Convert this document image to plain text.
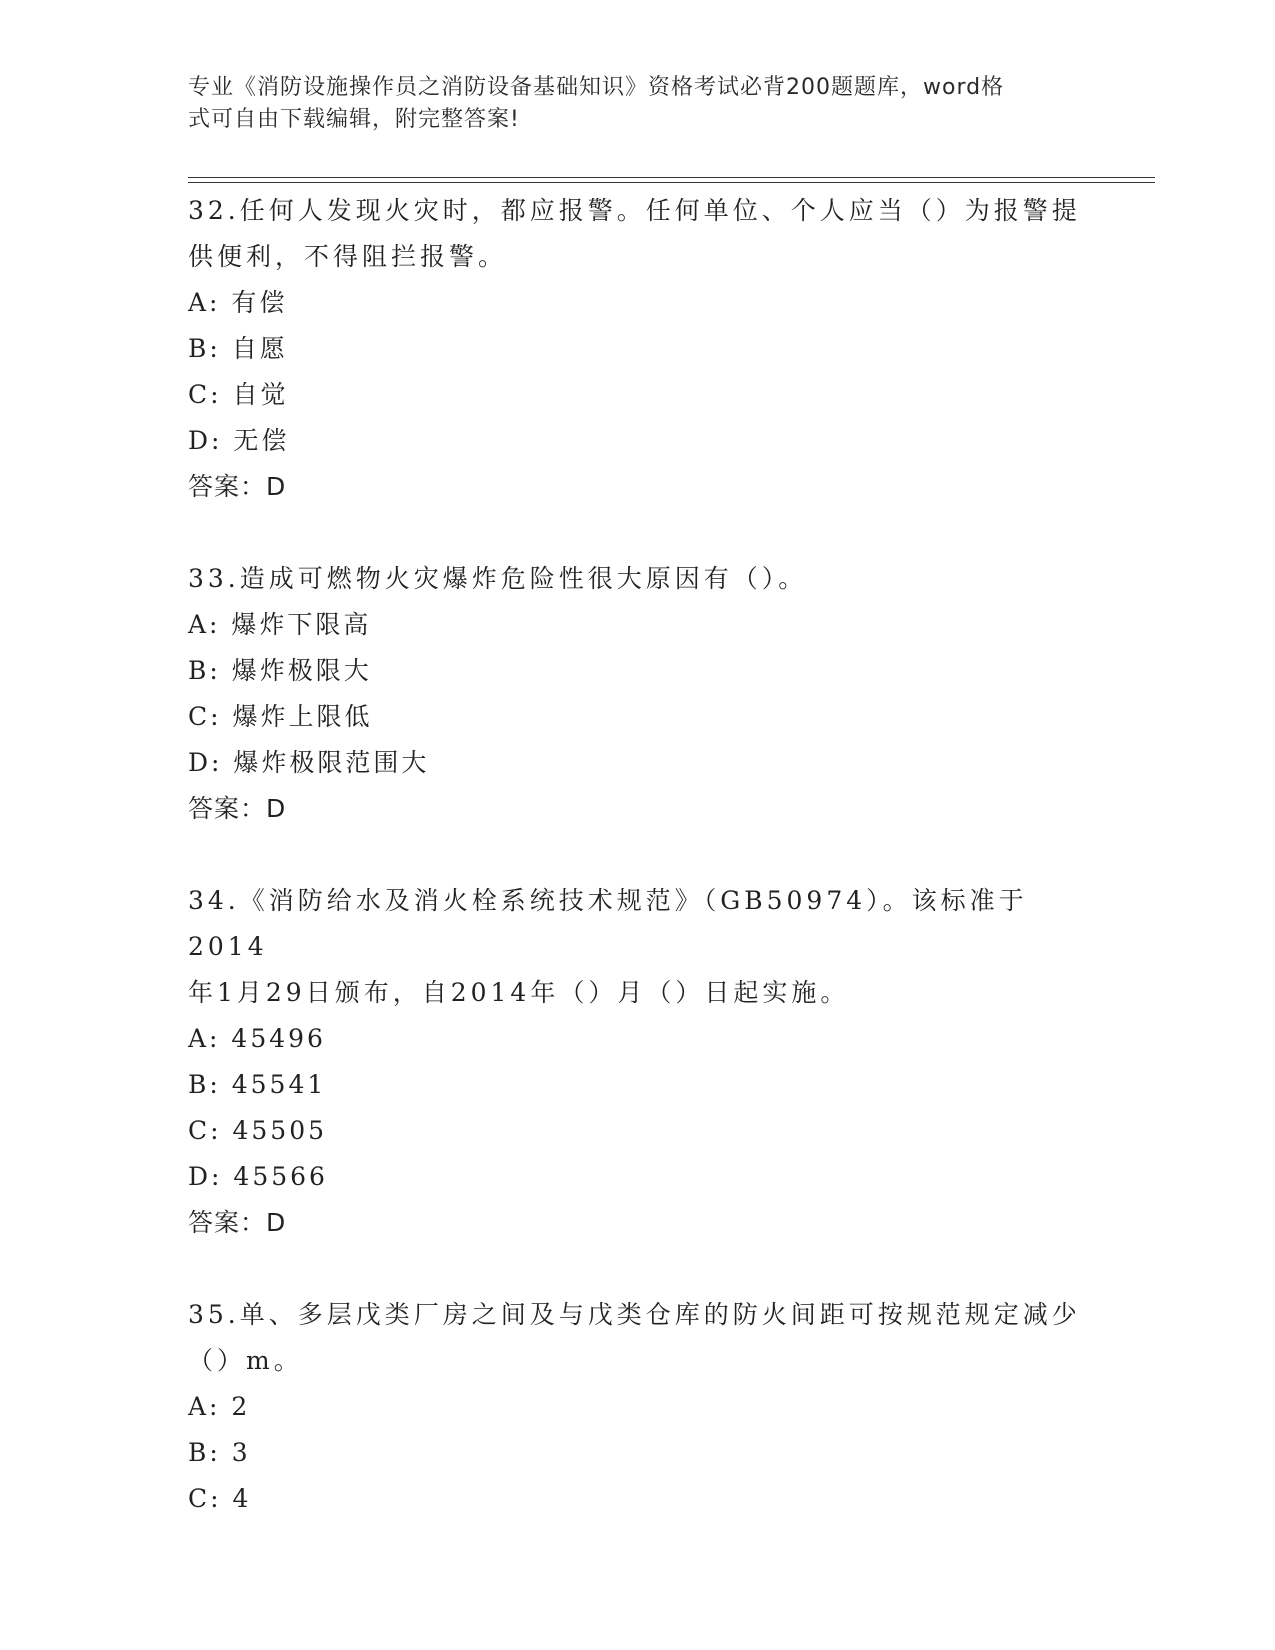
专业《消防设施操作员之消防设备基础知识》资格考试必背200题题库，word格
式可自由下载编辑，附完整答案!
32.任何人发现火灾时，都应报警。任何单位、个人应当（）为报警提
供便利，不得阻拦报警。
A: 有偿
B: 自愿
C: 自觉
D: 无偿
答案：D
33.造成可燃物火灾爆炸危险性很大原因有（）。
A: 爆炸下限高
B: 爆炸极限大
C: 爆炸上限低
D: 爆炸极限范围大
答案：D
34.《消防给水及消火栓系统技术规范》（GB50974）。该标准于2014
年1月29日颁布，自2014年（）月（）日起实施。
A: 45496
B: 45541
C: 45505
D: 45566
答案：D
35.单、多层戊类厂房之间及与戊类仓库的防火间距可按规范规定减少
（）m。
A: 2
B: 3
C: 4
